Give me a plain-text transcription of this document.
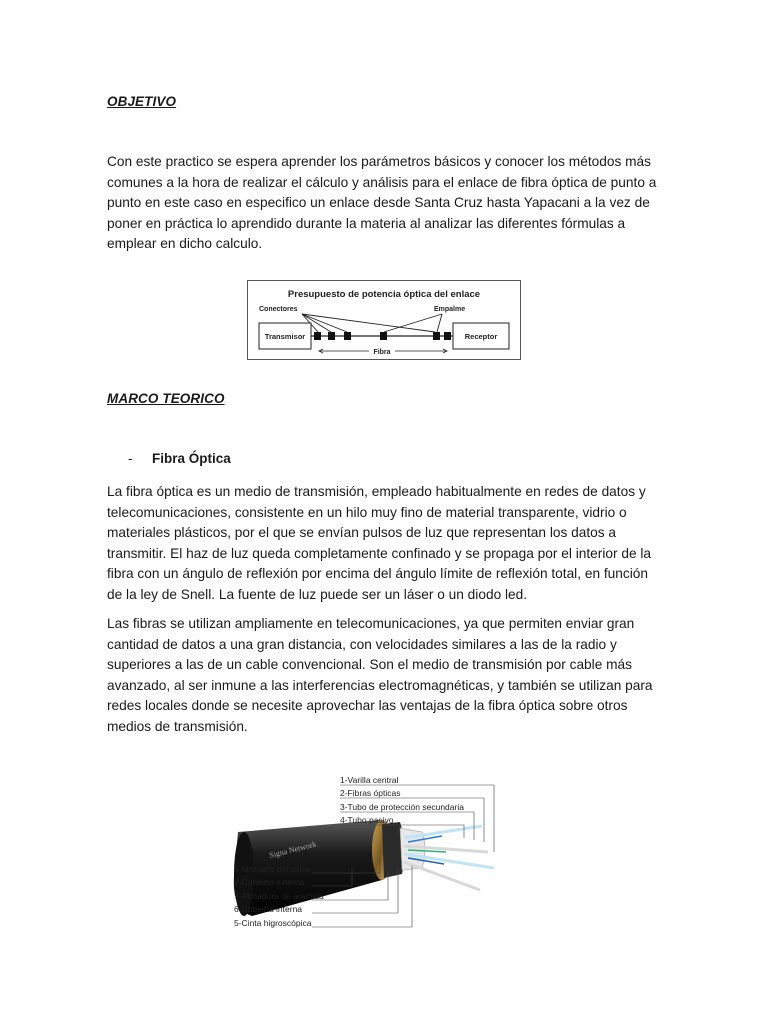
OBJETIVO

Con este practico se espera aprender los parámetros básicos y conocer los métodos más

comunes a la hora de realizar el cálculo y análisis para el enlace de fibra óptica de punto a

punto en este caso en especifico un enlace desde Santa Cruz hasta Yapacani a la vez de

poner en práctica lo aprendido durante la materia al analizar las diferentes fórmulas a

emplear en dicho calculo.

Presupuesto de potencia óptica del enlace
Conectores	Empalme
Transmisor	Receptor
Fibra
MARCO TEORICO
- Fibra Óptica

La fibra óptica es un medio de transmisión, empleado habitualmente en redes de datos y

telecomunicaciones, consistente en un hilo muy fino de material transparente, vidrio o

materiales plásticos, por el que se envían pulsos de luz que representan los datos a

transmitir. El haz de luz queda completamente confinado y se propaga por el interior de la

fibra con un ángulo de reflexión por encima del ángulo límite de reflexión total, en función

de la ley de Snell. La fuente de luz puede ser un láser o un diodo led.

Las fibras se utilizan ampliamente en telecomunicaciones, ya que permiten enviar gran

cantidad de datos a una gran distancia, con velocidades similares a las de la radio y

superiores a las de un cable convencional. Son el medio de transmisión por cable más

avanzado, al ser inmune a las interferencias electromagnéticas, y también se utilizan para

redes locales donde se necesite aprovechar las ventajas de la fibra óptica sobre otros

medios de transmisión.

Signa Network
1-Varilla central
2-Fibras ópticas
3-Tubo de protección secundaria
4-Tubo pasivo
9-Marcado del cable
8-Cubierta externa
7-Armadura de aramida
6-Cubierta interna
5-Cinta higroscópica
